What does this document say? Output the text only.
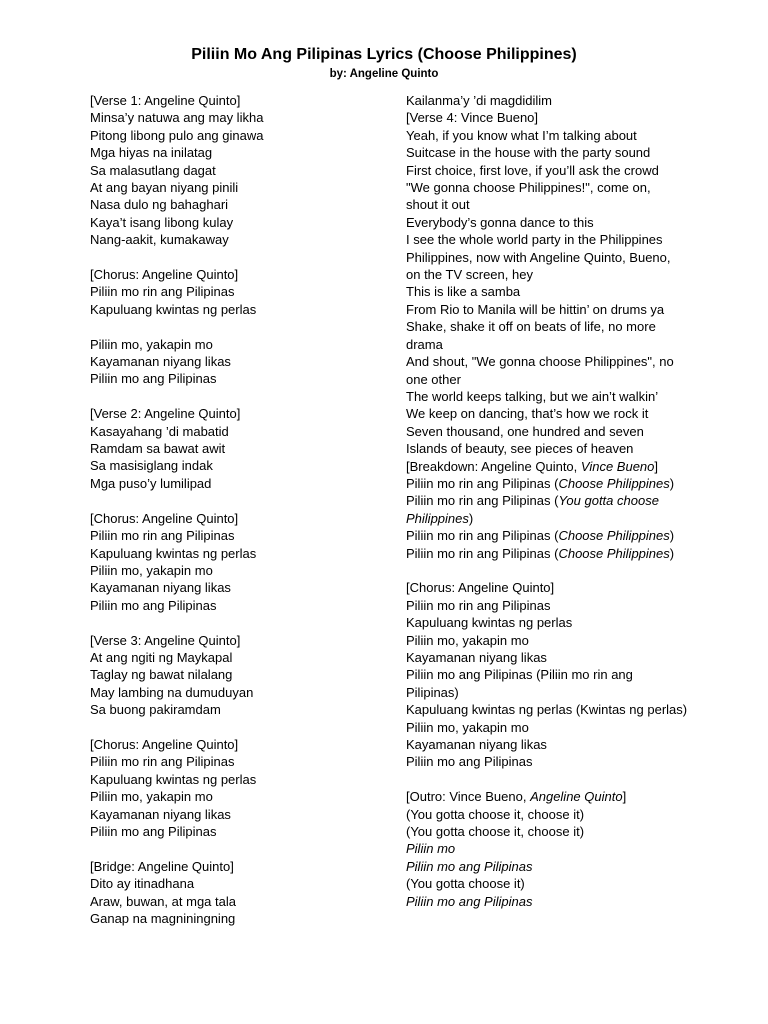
Piliin Mo Ang Pilipinas Lyrics (Choose Philippines)
by: Angeline Quinto
[Verse 1: Angeline Quinto]
Minsa’y natuwa ang may likha
Pitong libong pulo ang ginawa
Mga hiyas na inilatag
Sa malasutlang dagat
At ang bayan niyang pinili
Nasa dulo ng bahaghari
Kaya’t isang libong kulay
Nang-aakit, kumakaway
[Chorus: Angeline Quinto]
Piliin mo rin ang Pilipinas
Kapuluang kwintas ng perlas
Piliin mo, yakapin mo
Kayamanan niyang likas
Piliin mo ang Pilipinas
[Verse 2: Angeline Quinto]
Kasayahang ’di mabatid
Ramdam sa bawat awit
Sa masisiglang indak
Mga puso’y lumilipad
[Chorus: Angeline Quinto]
Piliin mo rin ang Pilipinas
Kapuluang kwintas ng perlas
Piliin mo, yakapin mo
Kayamanan niyang likas
Piliin mo ang Pilipinas
[Verse 3: Angeline Quinto]
At ang ngiti ng Maykapal
Taglay ng bawat nilalang
May lambing na dumuduyan
Sa buong pakiramdam
[Chorus: Angeline Quinto]
Piliin mo rin ang Pilipinas
Kapuluang kwintas ng perlas
Piliin mo, yakapin mo
Kayamanan niyang likas
Piliin mo ang Pilipinas
[Bridge: Angeline Quinto]
Dito ay itinadhana
Araw, buwan, at mga tala
Ganap na magniningning
Kailanma’y ’di magdidilim
[Verse 4: Vince Bueno]
Yeah, if you know what I’m talking about
Suitcase in the house with the party sound
First choice, first love, if you’ll ask the crowd
"We gonna choose Philippines!", come on,
shout it out
Everybody’s gonna dance to this
I see the whole world party in the Philippines
Philippines, now with Angeline Quinto, Bueno,
on the TV screen, hey
This is like a samba
From Rio to Manila will be hittin’ on drums ya
Shake, shake it off on beats of life, no more
drama
And shout, "We gonna choose Philippines", no
one other
The world keeps talking, but we ain’t walkin’
We keep on dancing, that’s how we rock it
Seven thousand, one hundred and seven
Islands of beauty, see pieces of heaven
[Breakdown: Angeline Quinto, Vince Bueno]
Piliin mo rin ang Pilipinas (Choose Philippines)
Piliin mo rin ang Pilipinas (You gotta choose
Philippines)
Piliin mo rin ang Pilipinas (Choose Philippines)
Piliin mo rin ang Pilipinas (Choose Philippines)
[Chorus: Angeline Quinto]
Piliin mo rin ang Pilipinas
Kapuluang kwintas ng perlas
Piliin mo, yakapin mo
Kayamanan niyang likas
Piliin mo ang Pilipinas (Piliin mo rin ang
Pilipinas)
Kapuluang kwintas ng perlas (Kwintas ng perlas)
Piliin mo, yakapin mo
Kayamanan niyang likas
Piliin mo ang Pilipinas
[Outro: Vince Bueno, Angeline Quinto]
(You gotta choose it, choose it)
(You gotta choose it, choose it)
Piliin mo
Piliin mo ang Pilipinas
(You gotta choose it)
Piliin mo ang Pilipinas
